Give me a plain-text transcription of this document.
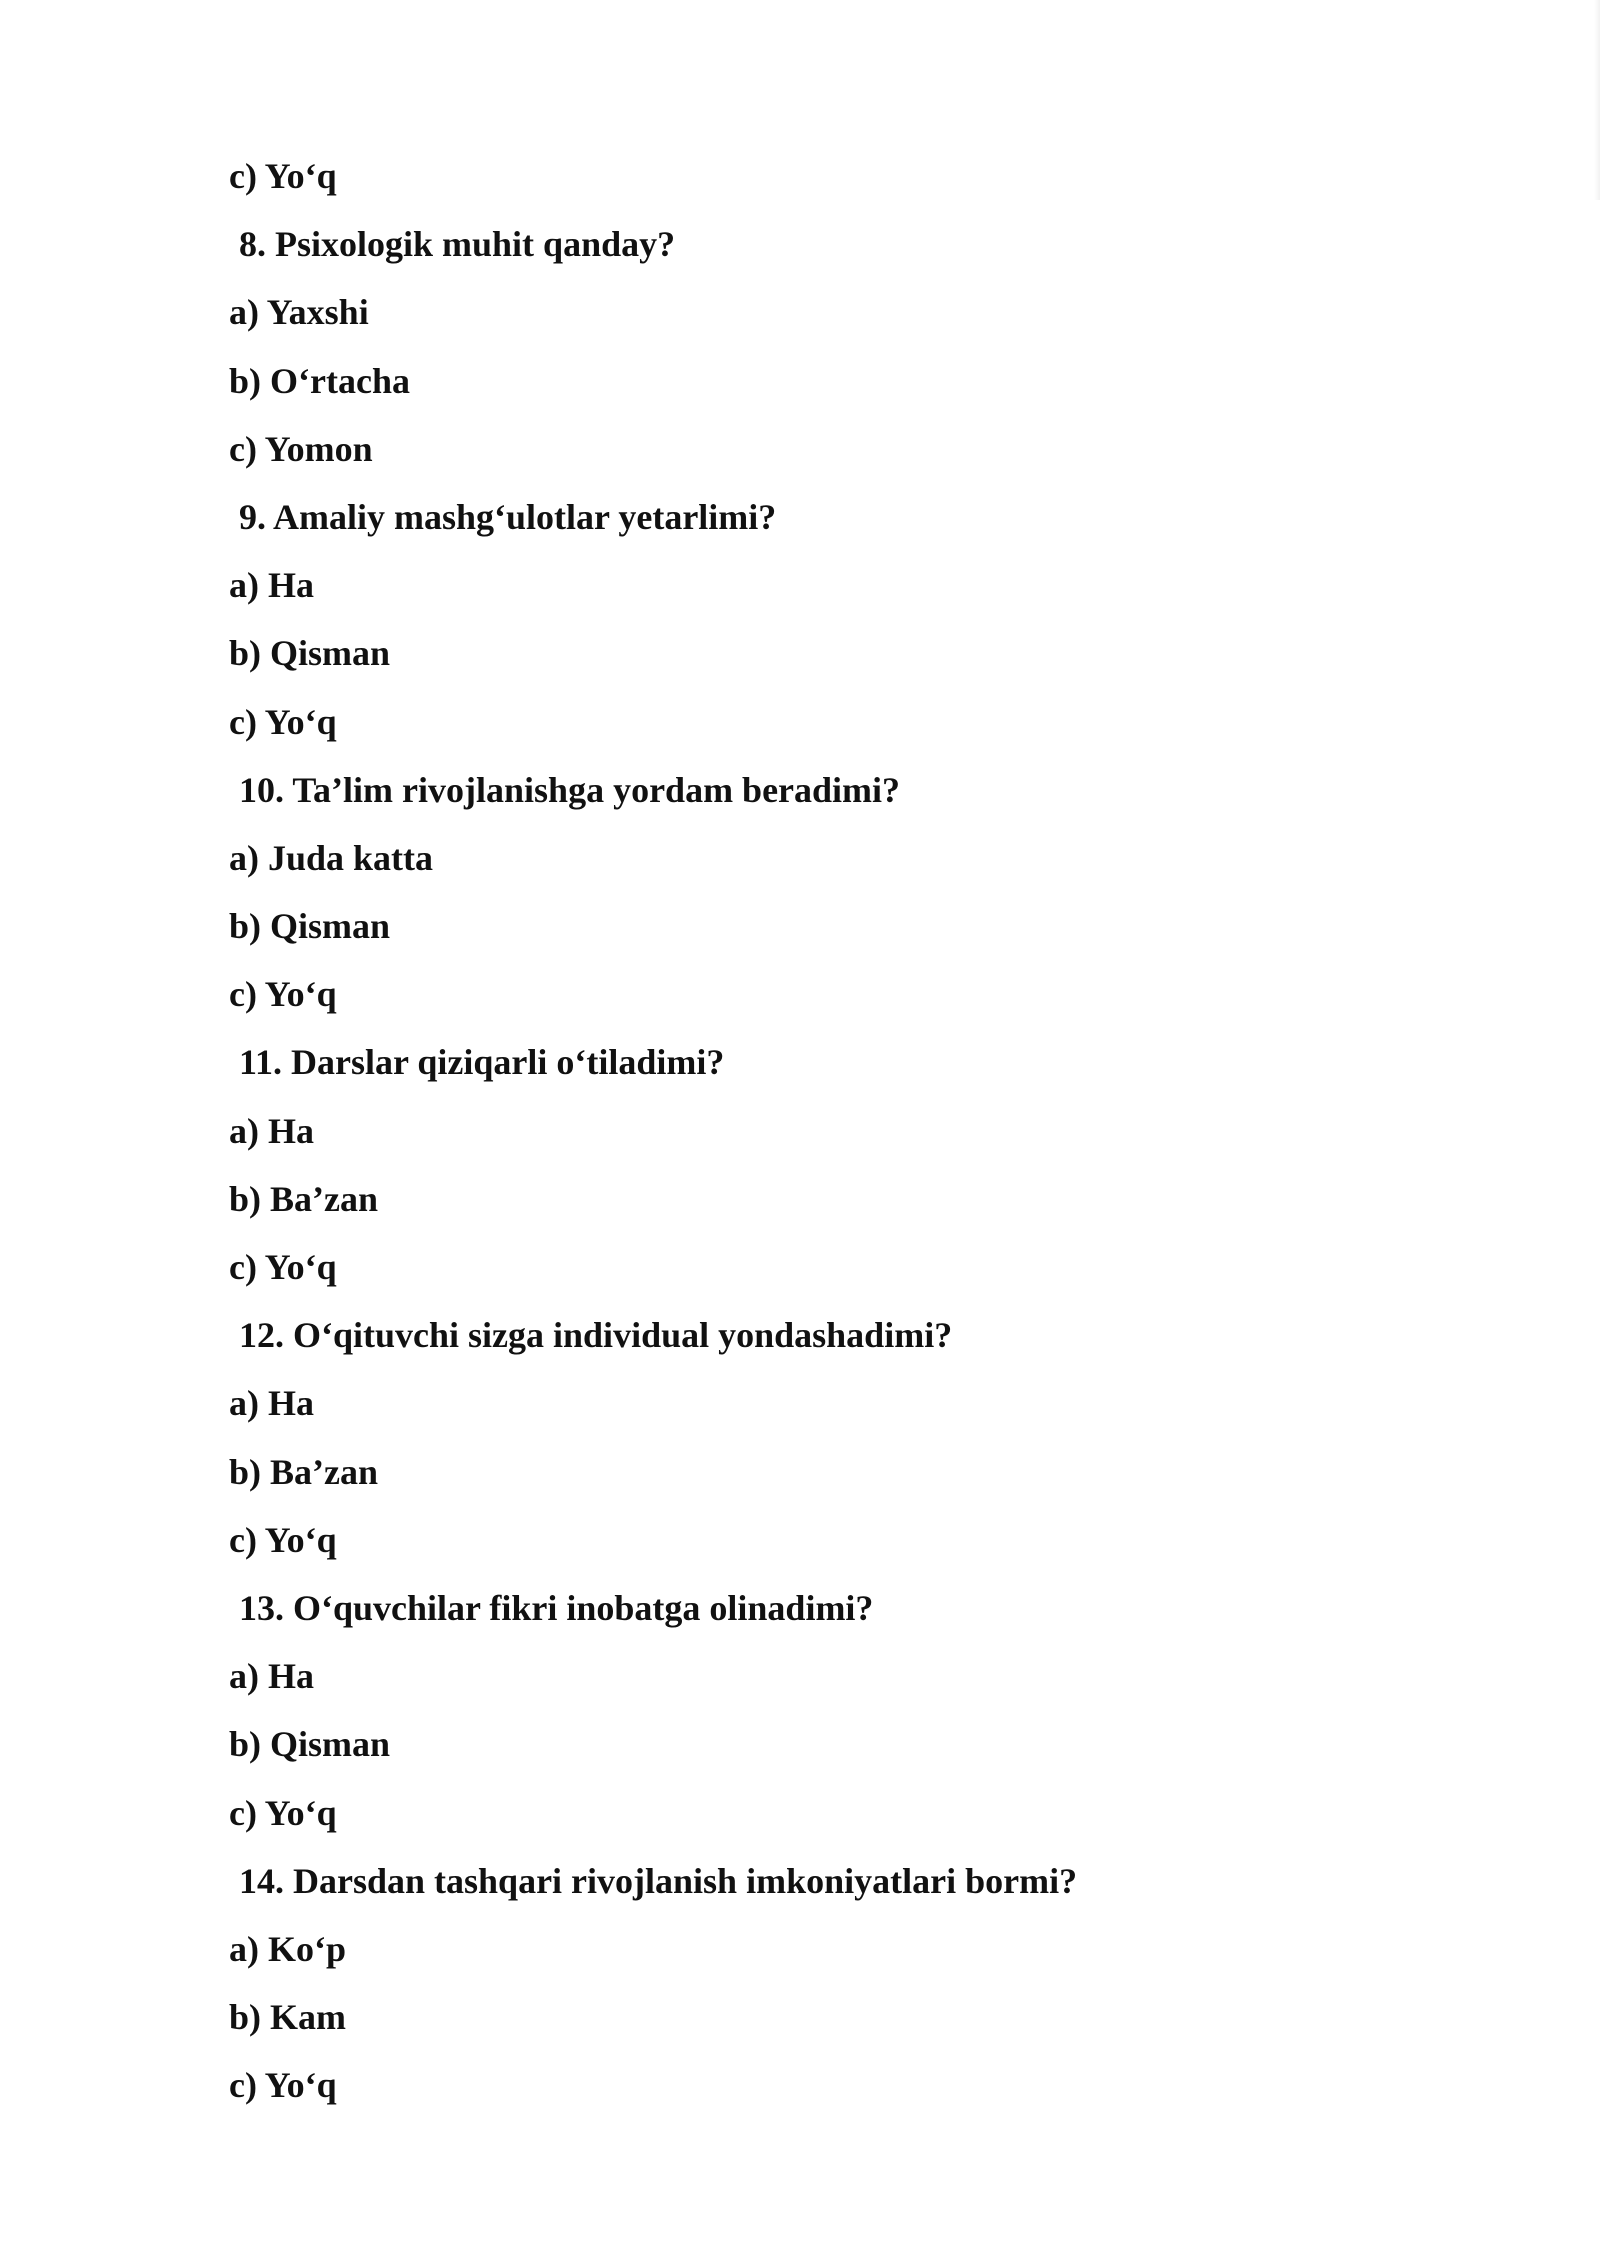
c) Yo‘q
8. Psixologik muhit qanday?
a) Yaxshi
b) O‘rtacha
c) Yomon
9. Amaliy mashg‘ulotlar yetarlimi?
a) Ha
b) Qisman
c) Yo‘q
10. Ta’lim rivojlanishga yordam beradimi?
a) Juda katta
b) Qisman
c) Yo‘q
11. Darslar qiziqarli o‘tiladimi?
a) Ha
b) Ba’zan
c) Yo‘q
12. O‘qituvchi sizga individual yondashadimi?
a) Ha
b) Ba’zan
c) Yo‘q
13. O‘quvchilar fikri inobatga olinadimi?
a) Ha
b) Qisman
c) Yo‘q
14. Darsdan tashqari rivojlanish imkoniyatlari bormi?
a) Ko‘p
b) Kam
c) Yo‘q
